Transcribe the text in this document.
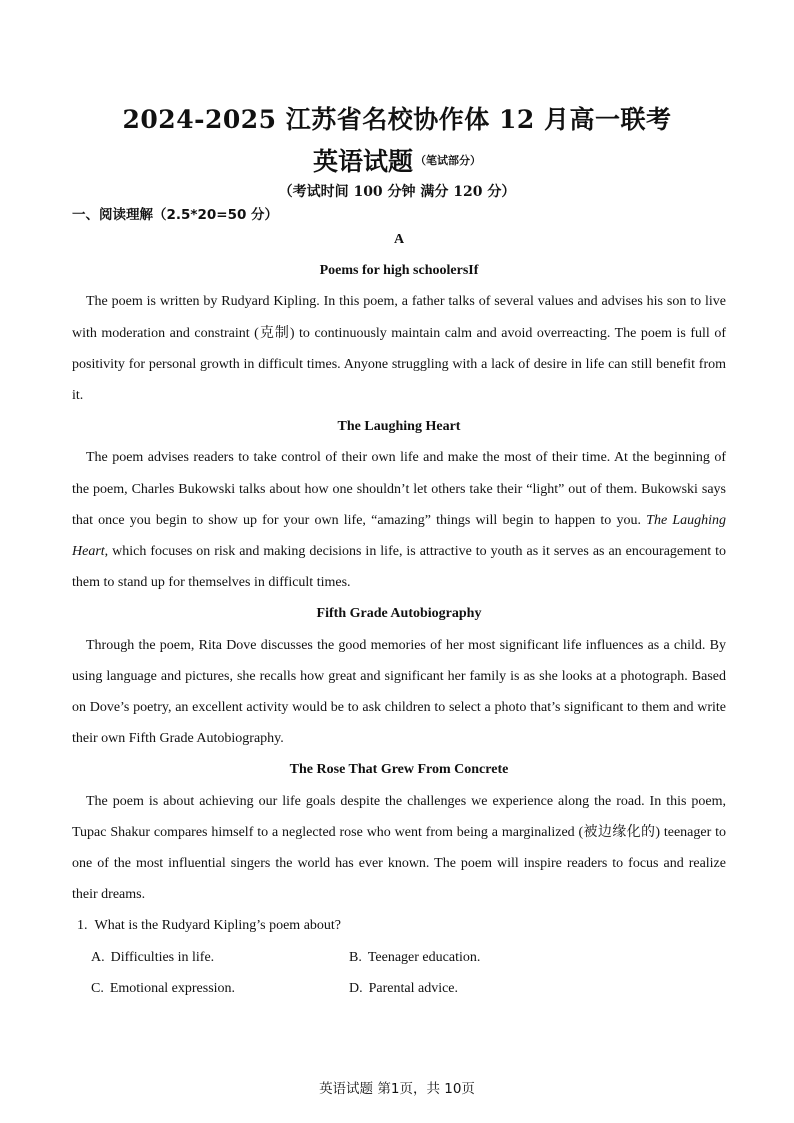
2024-2025 江苏省名校协作体 12 月高一联考
英语试题 $^{(笔试部分)}$
（考试时间 100 分钟 满分 120 分）
一、阅读理解（2.5*20=50 分）
A
Poems for high schoolersIf

The poem is written by Rudyard Kipling. In this poem, a father talks of several values and advises his son to live with moderation and constraint (克制) to continuously maintain calm and avoid overreacting. The poem is full of positivity for personal growth in difficult times. Anyone struggling with a lack of desire in life can still benefit from it.

The Laughing Heart

The poem advises readers to take control of their own life and make the most of their time. At the beginning of the poem, Charles Bukowski talks about how one shouldn’t let others take their “light” out of them. Bukowski says that once you begin to show up for your own life, “amazing” things will begin to happen to you. The Laughing Heart, which focuses on risk and making decisions in life, is attractive to youth as it serves as an encouragement to them to stand up for themselves in difficult times.

Fifth Grade Autobiography

Through the poem, Rita Dove discusses the good memories of her most significant life influences as a child. By using language and pictures, she recalls how great and significant her family is as she looks at a photograph. Based on Dove’s poetry, an excellent activity would be to ask children to select a photo that’s significant to them and write their own Fifth Grade Autobiography.

The Rose That Grew From Concrete

The poem is about achieving our life goals despite the challenges we experience along the road. In this poem, Tupac Shakur compares himself to a neglected rose who went from being a marginalized (被边缘化的) teenager to one of the most influential singers the world has ever known. The poem will inspire readers to focus and realize their dreams.

1. What is the Rudyard Kipling’s poem about?

A. Difficulties in life.	B. Teenager education.
C. Emotional expression.	D. Parental advice.
英语试题 第1页，共 10页
